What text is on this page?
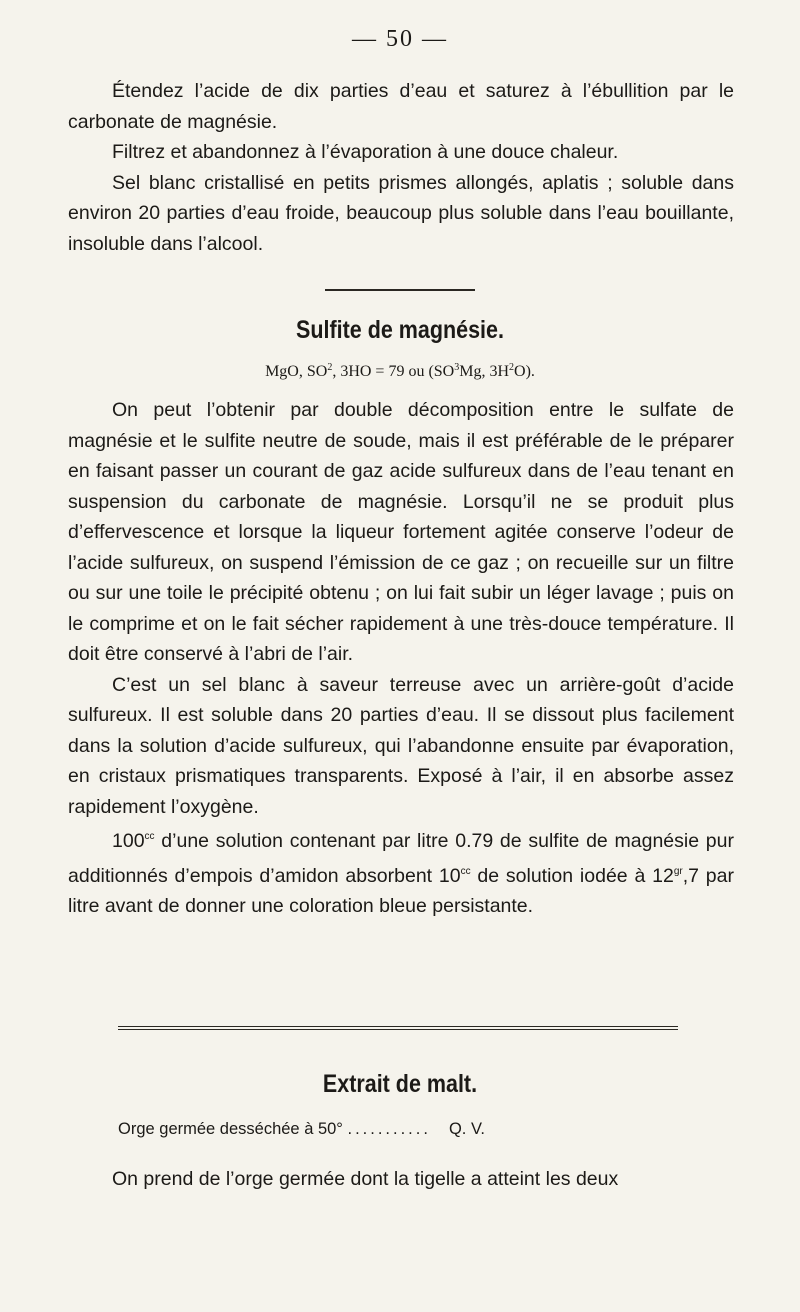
— 50 —

Étendez l’acide de dix parties d’eau et saturez à l’ébullition par le carbonate de magnésie.

Filtrez et abandonnez à l’évaporation à une douce chaleur.

Sel blanc cristallisé en petits prismes allongés, aplatis ; soluble dans environ 20 parties d’eau froide, beaucoup plus soluble dans l’eau bouillante, insoluble dans l’alcool.

Sulfite de magnésie.
MgO, $SO^2$, 3HO = 79 ou ($SO^3Mg$, $3H^2O$).

On peut l’obtenir par double décomposition entre le sulfate de magnésie et le sulfite neutre de soude, mais il est préférable de le préparer en faisant passer un courant de gaz acide sulfureux dans de l’eau tenant en suspension du carbonate de magnésie. Lorsqu’il ne se produit plus d’effervescence et lorsque la liqueur fortement agitée conserve l’odeur de l’acide sulfureux, on suspend l’émission de ce gaz ; on recueille sur un filtre ou sur une toile le précipité obtenu ; on lui fait subir un léger lavage ; puis on le comprime et on le fait sécher rapidement à une très-douce température. Il doit être conservé à l’abri de l’air.

C’est un sel blanc à saveur terreuse avec un arrière-goût d’acide sulfureux. Il est soluble dans 20 parties d’eau. Il se dissout plus facilement dans la solution d’acide sulfureux, qui l’abandonne ensuite par évaporation, en cristaux prismatiques transparents. Exposé à l’air, il en absorbe assez rapidement l’oxygène.

$100^{cc}$ d’une solution contenant par litre 0.79 de sulfite de magnésie pur additionnés d’empois d’amidon absorbent $10^{cc}$ de solution iodée à $12^{gr},7$ par litre avant de donner une coloration bleue persistante.

Extrait de malt.
Orge germée desséchée à 50° ........... Q. V.

On prend de l’orge germée dont la tigelle a atteint les deux
